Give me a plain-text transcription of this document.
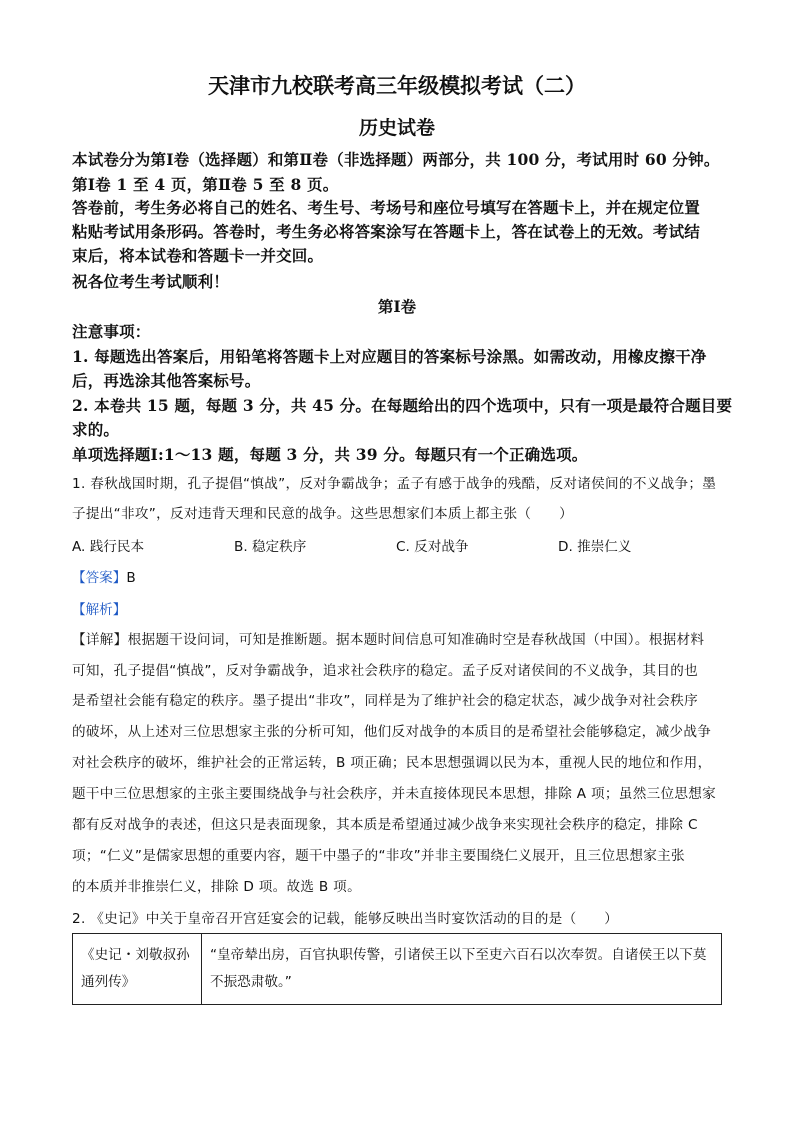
天津市九校联考高三年级模拟考试（二）
历史试卷
本试卷分为第Ⅰ卷（选择题）和第Ⅱ卷（非选择题）两部分，共 100 分，考试用时 60 分钟。
第Ⅰ卷 1 至 4 页，第Ⅱ卷 5 至 8 页。
答卷前，考生务必将自己的姓名、考生号、考场号和座位号填写在答题卡上，并在规定位置
粘贴考试用条形码。答卷时，考生务必将答案涂写在答题卡上，答在试卷上的无效。考试结
束后，将本试卷和答题卡一并交回。
祝各位考生考试顺利！
第Ⅰ卷
注意事项：
1. 每题选出答案后，用铅笔将答题卡上对应题目的答案标号涂黑。如需改动，用橡皮擦干净
后，再选涂其他答案标号。
2. 本卷共 15 题，每题 3 分，共 45 分。在每题给出的四个选项中，只有一项是最符合题目要
求的。
单项选择题Ⅰ:1～13 题，每题 3 分，共 39 分。每题只有一个正确选项。
1. 春秋战国时期，孔子提倡“慎战”，反对争霸战争；孟子有感于战争的残酷，反对诸侯间的不义战争；墨
子提出“非攻”，反对违背天理和民意的战争。这些思想家们本质上都主张（　　）
A. 践行民本	B. 稳定秩序	C. 反对战争	D. 推崇仁义
【答案】B
【解析】
【详解】根据题干设问词，可知是推断题。据本题时间信息可知准确时空是春秋战国（中国）。根据材料
可知，孔子提倡“慎战”，反对争霸战争，追求社会秩序的稳定。孟子反对诸侯间的不义战争，其目的也
是希望社会能有稳定的秩序。墨子提出“非攻”，同样是为了维护社会的稳定状态，减少战争对社会秩序
的破坏，从上述对三位思想家主张的分析可知，他们反对战争的本质目的是希望社会能够稳定，减少战争
对社会秩序的破坏，维护社会的正常运转，B 项正确；民本思想强调以民为本，重视人民的地位和作用，
题干中三位思想家的主张主要围绕战争与社会秩序，并未直接体现民本思想，排除 A 项；虽然三位思想家
都有反对战争的表述，但这只是表面现象，其本质是希望通过减少战争来实现社会秩序的稳定，排除 C
项；“仁义”是儒家思想的重要内容，题干中墨子的“非攻”并非主要围绕仁义展开，且三位思想家主张
的本质并非推崇仁义，排除 D 项。故选 B 项。
2. 《史记》中关于皇帝召开宫廷宴会的记载，能够反映出当时宴饮活动的目的是（　　）
《史记・刘敬叔孙通列传》	“皇帝辇出房，百官执职传警，引诸侯王以下至吏六百石以次奉贺。自诸侯王以下莫不振恐肃敬。”
